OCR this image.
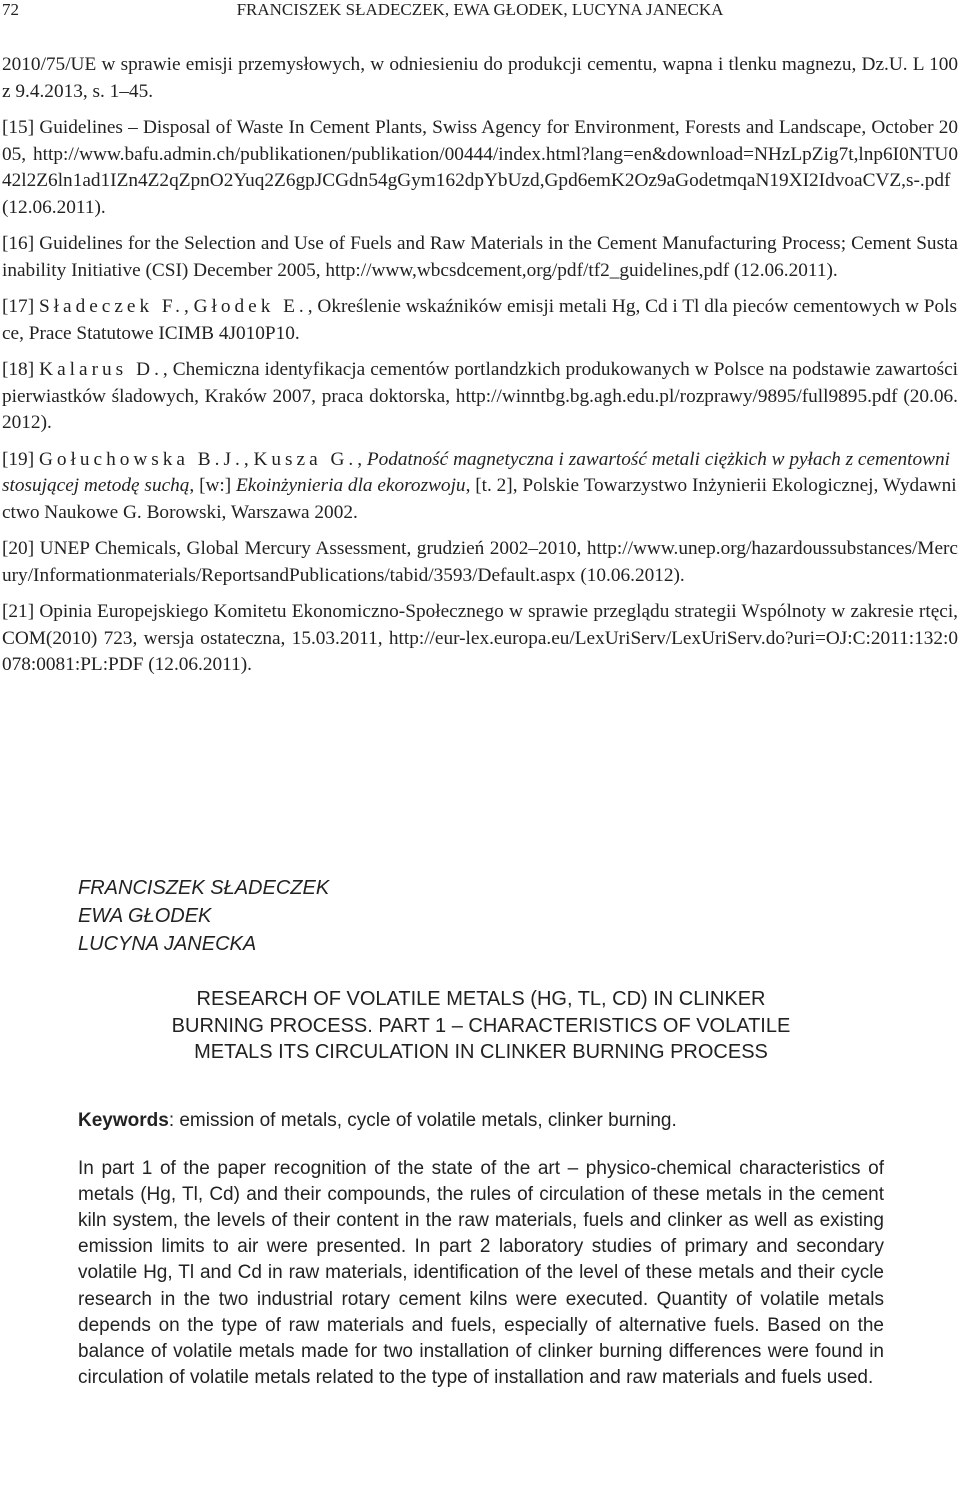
72	FRANCISZEK SŁADECZEK, EWA GŁODEK, LUCYNA JANECKA

2010/75/UE w sprawie emisji przemysłowych, w odniesieniu do produkcji cementu, wapna i tlenku magnezu, Dz.U. L 100 z 9.4.2013, s. 1–45.

[15] Guidelines – Disposal of Waste In Cement Plants, Swiss Agency for Environment, Forests and Landscape, October 2005, http://www.bafu.admin.ch/publikationen/publikation/00444/index.html?lang=en&download=NHzLpZig7t,lnp6I0NTU042l2Z6ln1ad1IZn4Z2qZpnO2Yuq2Z6gpJCGdn54gGym162dpYbUzd,Gpd6emK2Oz9aGodetmqaN19XI2IdvoaCVZ,s-.pdf (12.06.2011).

[16] Guidelines for the Selection and Use of Fuels and Raw Materials in the Cement Manufacturing Process; Cement Sustainability Initiative (CSI) December 2005, http://www,wbcsdcement,org/pdf/tf2_guidelines,pdf (12.06.2011).

[17] Sładeczek F., Głodek E., Określenie wskaźników emisji metali Hg, Cd i Tl dla pieców cementowych w Polsce, Prace Statutowe ICIMB 4J010P10.

[18] Kalarus D., Chemiczna identyfikacja cementów portlandzkich produkowanych w Polsce na podstawie zawartości pierwiastków śladowych, Kraków 2007, praca doktorska, http://winntbg.bg.agh.edu.pl/rozprawy/9895/full9895.pdf (20.06.2012).

[19] Gołuchowska B.J., Kusza G., Podatność magnetyczna i zawartość metali ciężkich w pyłach z cementowni stosującej metodę suchą, [w:] Ekoinżynieria dla ekorozwoju, [t. 2], Polskie Towarzystwo Inżynierii Ekologicznej, Wydawnictwo Naukowe G. Borowski, Warszawa 2002.

[20] UNEP Chemicals, Global Mercury Assessment, grudzień 2002–2010, http://www.unep.org/hazardoussubstances/Mercury/Informationmaterials/ReportsandPublications/tabid/3593/Default.aspx (10.06.2012).

[21] Opinia Europejskiego Komitetu Ekonomiczno-Społecznego w sprawie przeglądu strategii Wspólnoty w zakresie rtęci, COM(2010) 723, wersja ostateczna, 15.03.2011, http://eur-lex.europa.eu/LexUriServ/LexUriServ.do?uri=OJ:C:2011:132:0078:0081:PL:PDF (12.06.2011).

FRANCISZEK SŁADECZEK
EWA GŁODEK
LUCYNA JANECKA
RESEARCH OF VOLATILE METALS (HG, TL, CD) IN CLINKER
BURNING PROCESS. PART 1 – CHARACTERISTICS OF VOLATILE
METALS ITS CIRCULATION IN CLINKER BURNING PROCESS
Keywords: emission of metals, cycle of volatile metals, clinker burning.
In part 1 of the paper recognition of the state of the art – physico-chemical characteristics of metals (Hg, Tl, Cd) and their compounds, the rules of circulation of these metals in the cement kiln system, the levels of their content in the raw materials, fuels and clinker as well as existing emission limits to air were presented. In part 2 laboratory studies of primary and secondary volatile Hg, Tl and Cd in raw materials, identification of the level of these metals and their cycle research in the two industrial rotary cement kilns were executed. Quantity of volatile metals depends on the type of raw materials and fuels, especially of alternative fuels. Based on the balance of volatile metals made for two installation of clinker burning differences were found in circulation of volatile metals related to the type of installation and raw materials and fuels used.
